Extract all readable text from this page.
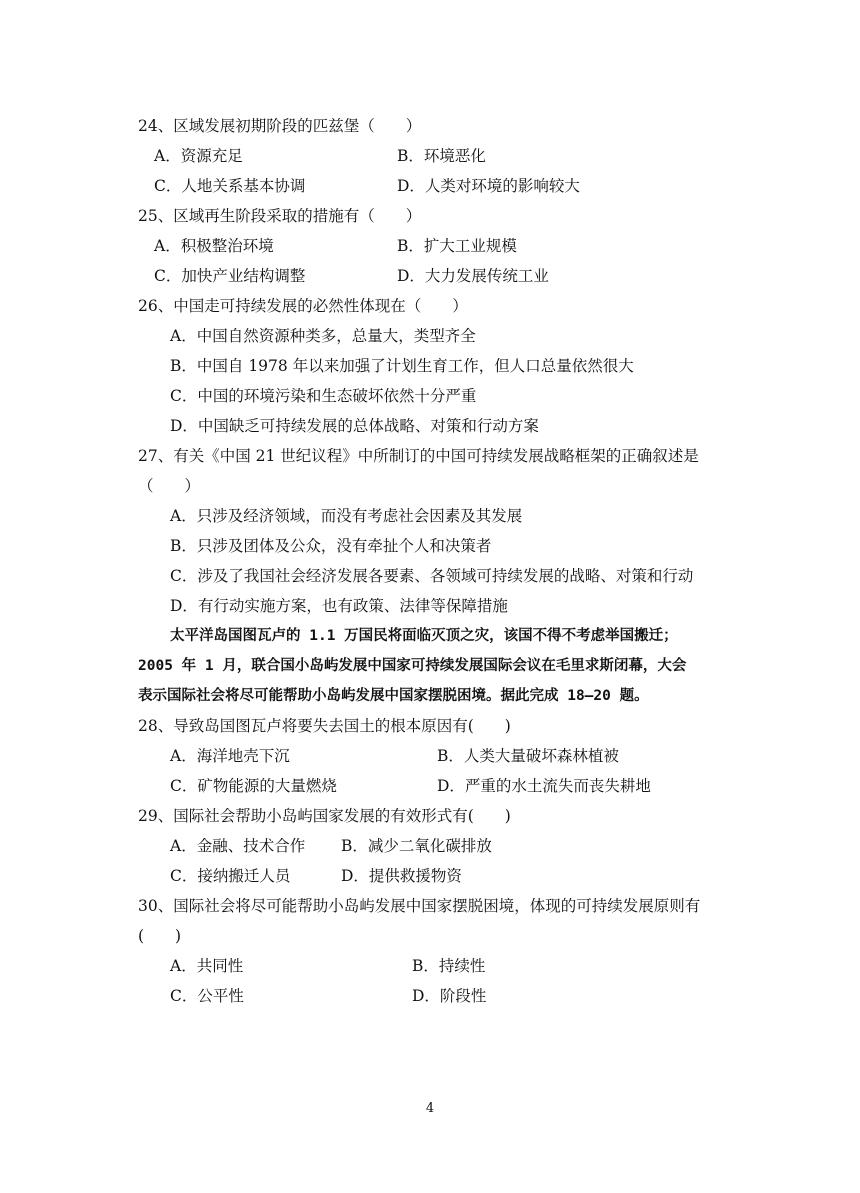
24、区域发展初期阶段的匹兹堡（　　）
A．资源充足	B．环境恶化
C．人地关系基本协调	D．人类对环境的影响较大
25、区域再生阶段采取的措施有（　　）
A．积极整治环境	B．扩大工业规模
C．加快产业结构调整	D．大力发展传统工业
26、中国走可持续发展的必然性体现在（　　）
A．中国自然资源种类多，总量大，类型齐全
B．中国自 1978 年以来加强了计划生育工作，但人口总量依然很大
C．中国的环境污染和生态破坏依然十分严重
D．中国缺乏可持续发展的总体战略、对策和行动方案
27、有关《中国 21 世纪议程》中所制订的中国可持续发展战略框架的正确叙述是
（　　）
A．只涉及经济领域，而没有考虑社会因素及其发展
B．只涉及团体及公众，没有牵扯个人和决策者
C．涉及了我国社会经济发展各要素、各领域可持续发展的战略、对策和行动
D．有行动实施方案，也有政策、法律等保障措施
太平洋岛国图瓦卢的 1.1 万国民将面临灭顶之灾，该国不得不考虑举国搬迁；
2005 年 1 月，联合国小岛屿发展中国家可持续发展国际会议在毛里求斯闭幕，大会
表示国际社会将尽可能帮助小岛屿发展中国家摆脱困境。据此完成 18—20 题。
28、导致岛国图瓦卢将要失去国土的根本原因有(　　)
A．海洋地壳下沉	B．人类大量破坏森林植被
C．矿物能源的大量燃烧	D．严重的水土流失而丧失耕地
29、国际社会帮助小岛屿国家发展的有效形式有(　　)
A．金融、技术合作 B．减少二氧化碳排放
C．接纳搬迁人员	D．提供救援物资
30、国际社会将尽可能帮助小岛屿发展中国家摆脱困境，体现的可持续发展原则有
(　　)
A．共同性	B．持续性
C．公平性	D．阶段性
4
